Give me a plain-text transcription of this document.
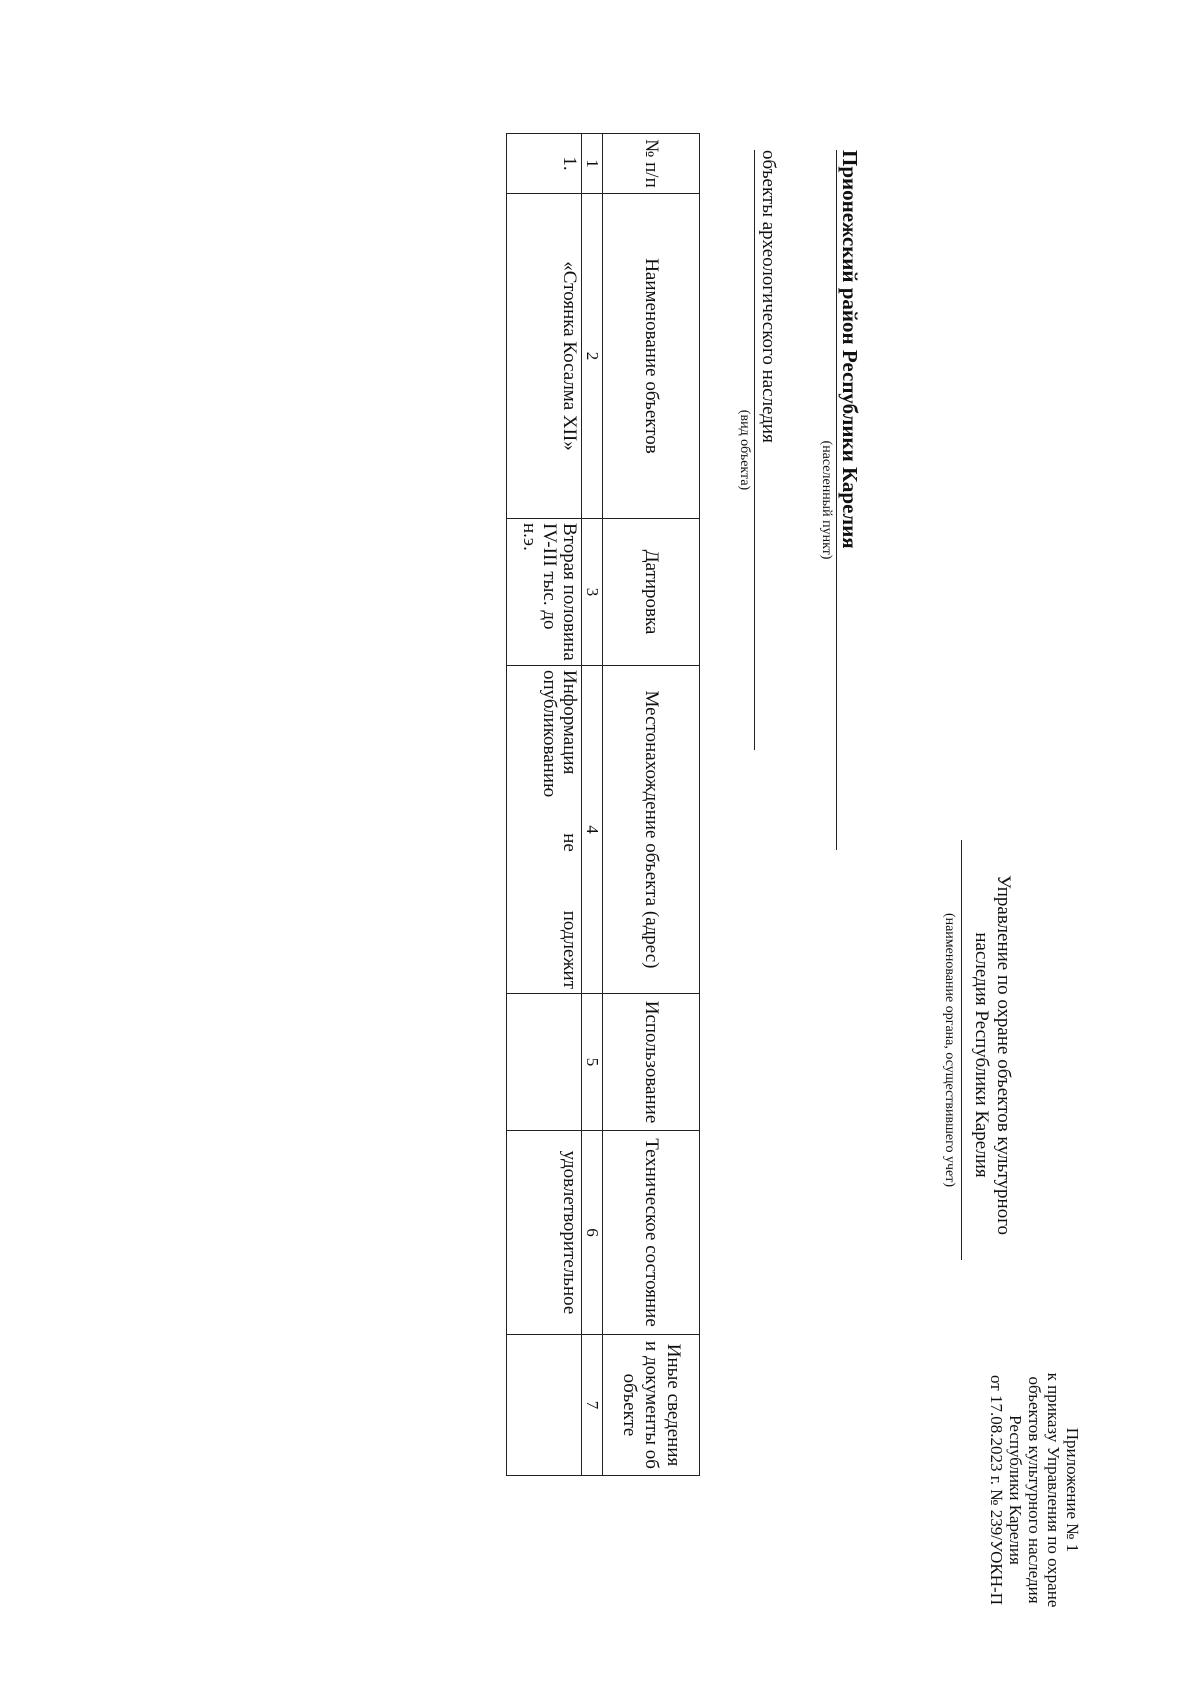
Приложение № 1
к приказу Управления по охране
объектов культурного наследия
Республики Карелия
от 17.08.2023 г. № 239/УОКН-П
Управление по охране объектов культурного
наследия Республики Карелия
(наименование органа, осуществившего учет)
Прионежский район Республики Карелия
(населенный пункт)
объекты археологического наследия
(вид объекта)
№ п/п	Наименование объектов	Датировка	Местонахождение объекта (адрес)	Использование	Техническое состояние	Иные сведения и документы об объекте
1	2	3	4	5	6	7
1.	«Стоянка Косалма XII»	Вторая половина IV-III тыс. до н.э.	Информация не подлежит опубликованию		удовлетворительное	
